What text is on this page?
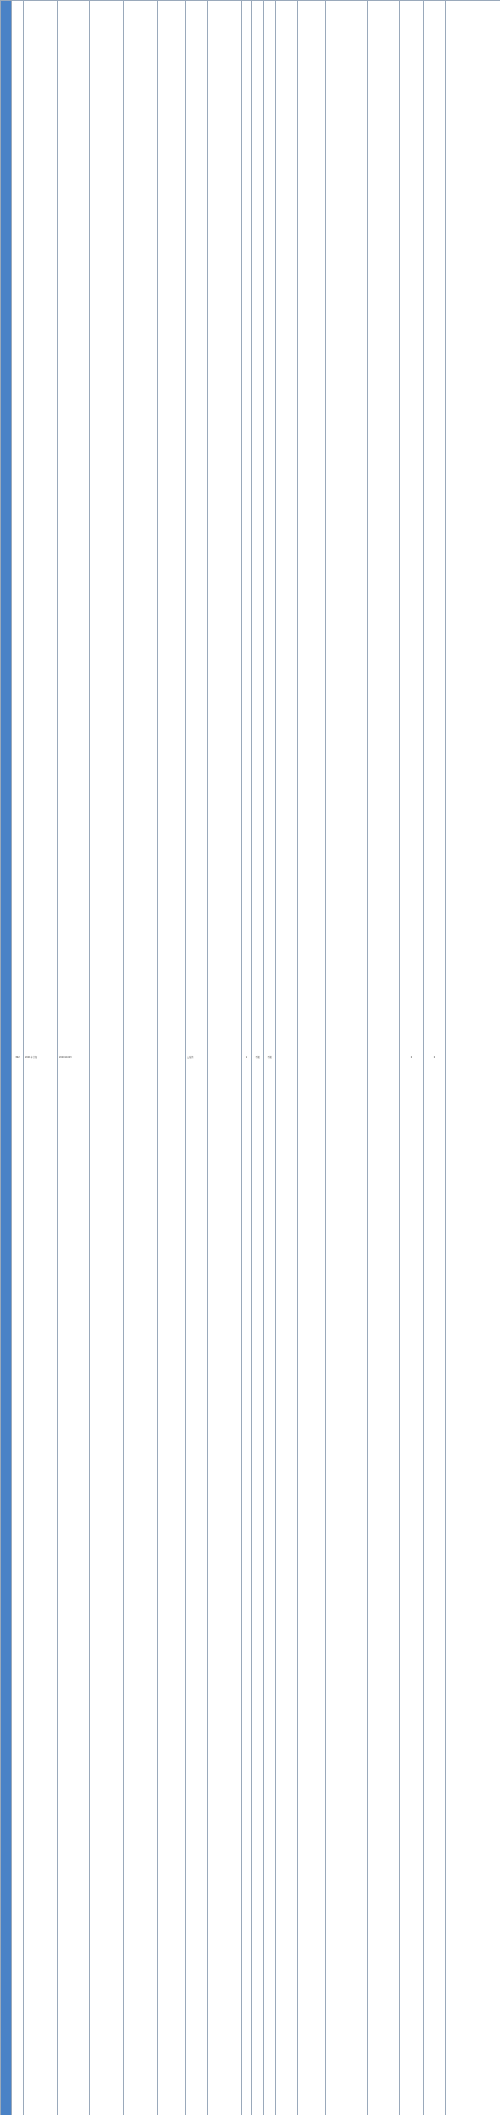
	302	2021年计划	202011023				公益性		1	不限	不限					0	0	
